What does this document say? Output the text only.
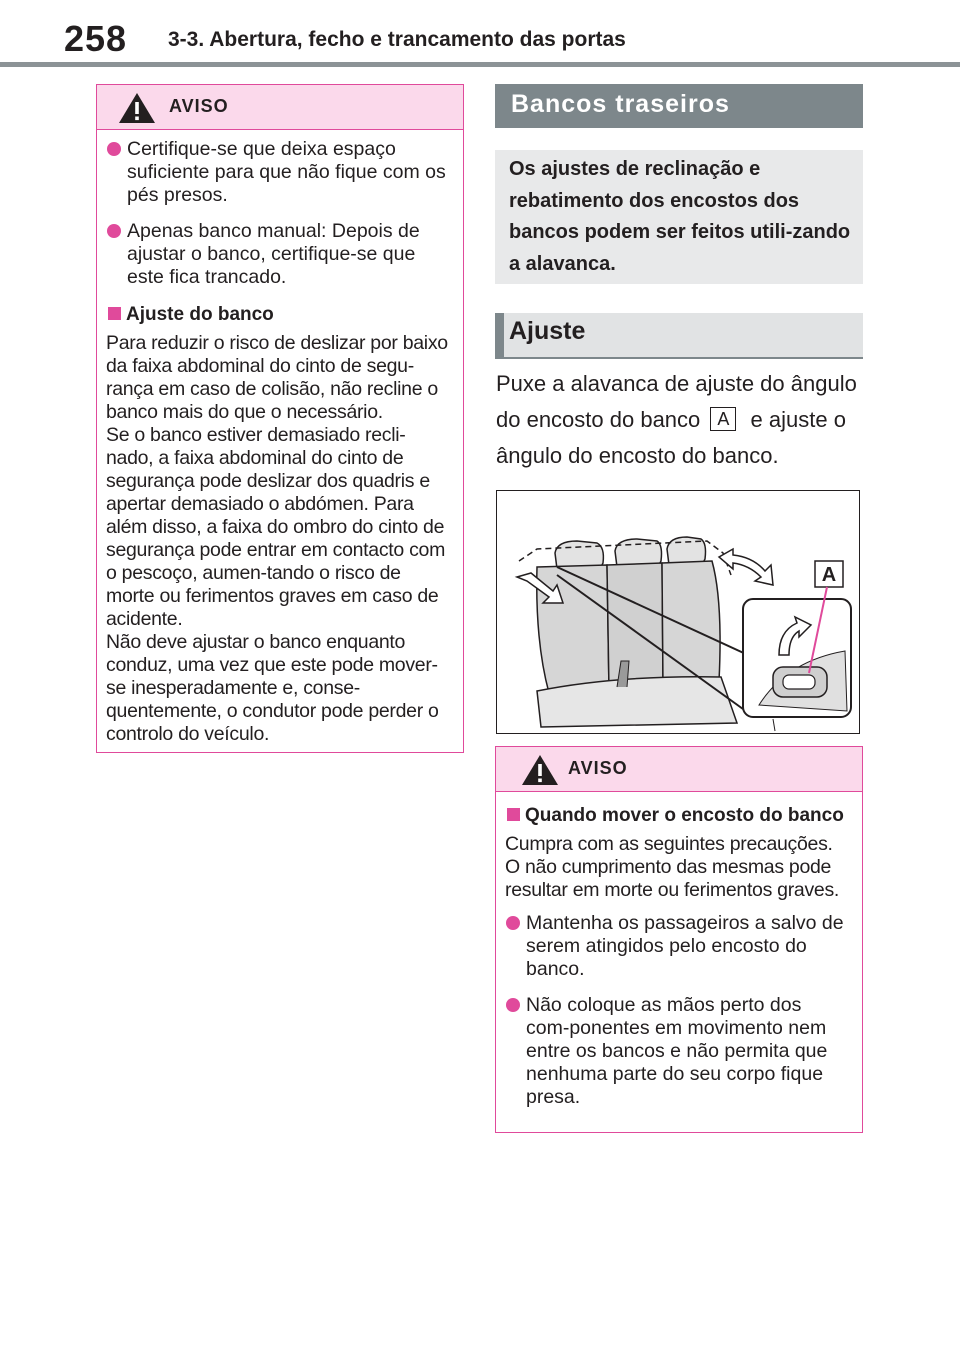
258 3-3. Abertura, fecho e trancamento das portas
AVISO
Certifique-se que deixa espaço suficiente para que não fique com os pés presos.
Apenas banco manual: Depois de ajustar o banco, certifique-se que este fica trancado.
Ajuste do banco

Para reduzir o risco de deslizar por baixo da faixa abdominal do cinto de segu-rança em caso de colisão, não recline o banco mais do que o necessário.

Se o banco estiver demasiado recli-nado, a faixa abdominal do cinto de segurança pode deslizar dos quadris e apertar demasiado o abdómen. Para além disso, a faixa do ombro do cinto de segurança pode entrar em contacto com o pescoço, aumen-tando o risco de morte ou ferimentos graves em caso de acidente.

Não deve ajustar o banco enquanto conduz, uma vez que este pode mover-se inesperadamente e, conse-quentemente, o condutor pode perder o controlo do veículo.

Bancos traseiros
Os ajustes de reclinação e rebatimento dos encostos dos bancos podem ser feitos utili-zando a alavanca.
Ajuste
Puxe a alavanca de ajuste do ângulo do encosto do banco A e ajuste o ângulo do encosto do banco.
A
AVISO
Quando mover o encosto do banco

Cumpra com as seguintes precauções. O não cumprimento das mesmas pode resultar em morte ou ferimentos graves.

Mantenha os passageiros a salvo de serem atingidos pelo encosto do banco.
Não coloque as mãos perto dos com-ponentes em movimento nem entre os bancos e não permita que nenhuma parte do seu corpo fique presa.
